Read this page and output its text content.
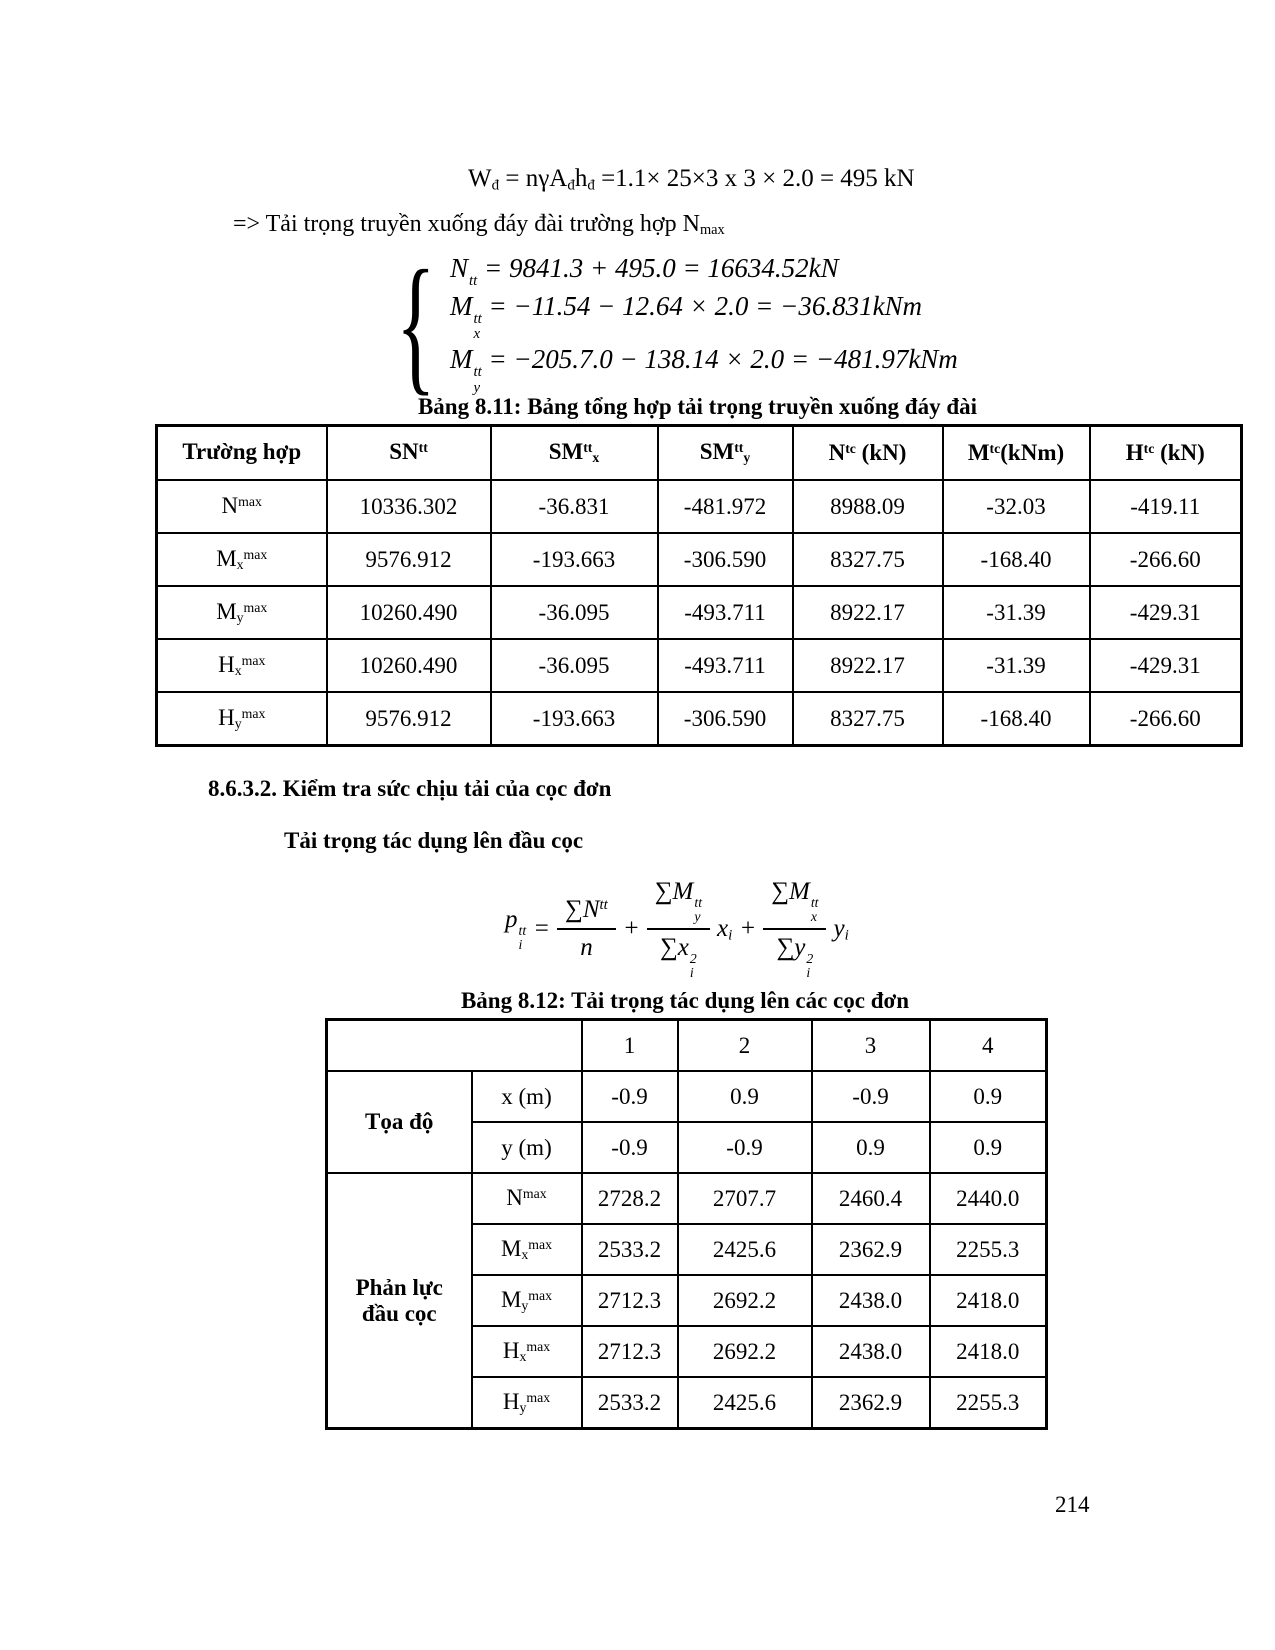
Wđ = nγAđhđ =1.1× 25×3 x 3 × 2.0 = 495 kN
=> Tải trọng truyền xuống đáy đài trường hợp Nmax
{ N tt = 9841.3 + 495.0 = 16634.52kN
M tt
x
= −11.54 − 12.64 × 2.0 = −36.831kNm
M tt
y
= −205.7.0 − 138.14 × 2.0 = −481.97kNm
Bảng 8.11: Bảng tổng hợp tải trọng truyền xuống đáy đài
Trường hợp	$SN^{tt}$	$SM^{tt}x$	$SM^{tt}y$	$N^{tc}$ (kN)	$M^{tc}(kNm)$	$H^{tc}$ (kN)
$N^{max}$	10336.302	-36.831	-481.972	8988.09	-32.03	-419.11
$Mx^{max}$	9576.912	-193.663	-306.590	8327.75	-168.40	-266.60
$My^{max}$	10260.490	-36.095	-493.711	8922.17	-31.39	-429.31
$Hx^{max}$	10260.490	-36.095	-493.711	8922.17	-31.39	-429.31
$Hy^{max}$	9576.912	-193.663	-306.590	8327.75	-168.40	-266.60
8.6.3.2. Kiểm tra sức chịu tải của cọc đơn
Tải trọng tác dụng lên đầu cọc
p tt
i
= $\frac{\sum N^{tt}}{n} + \sum M$ tt
y
∑x 2
i xi + ∑M tt
x
∑y 2
i yi
Bảng 8.12: Tải trọng tác dụng lên các cọc đơn
		1	2	3	4
Tọa độ	x (m)	-0.9	0.9	-0.9	0.9
	y (m)	-0.9	-0.9	0.9	0.9
Phản lực
đầu cọc	$N^{max}$	2728.2	2707.7	2460.4	2440.0
	$Mx^{max}$	2533.2	2425.6	2362.9	2255.3
	$My^{max}$	2712.3	2692.2	2438.0	2418.0
	$Hx^{max}$	2712.3	2692.2	2438.0	2418.0
	$Hy^{max}$	2533.2	2425.6	2362.9	2255.3
214
